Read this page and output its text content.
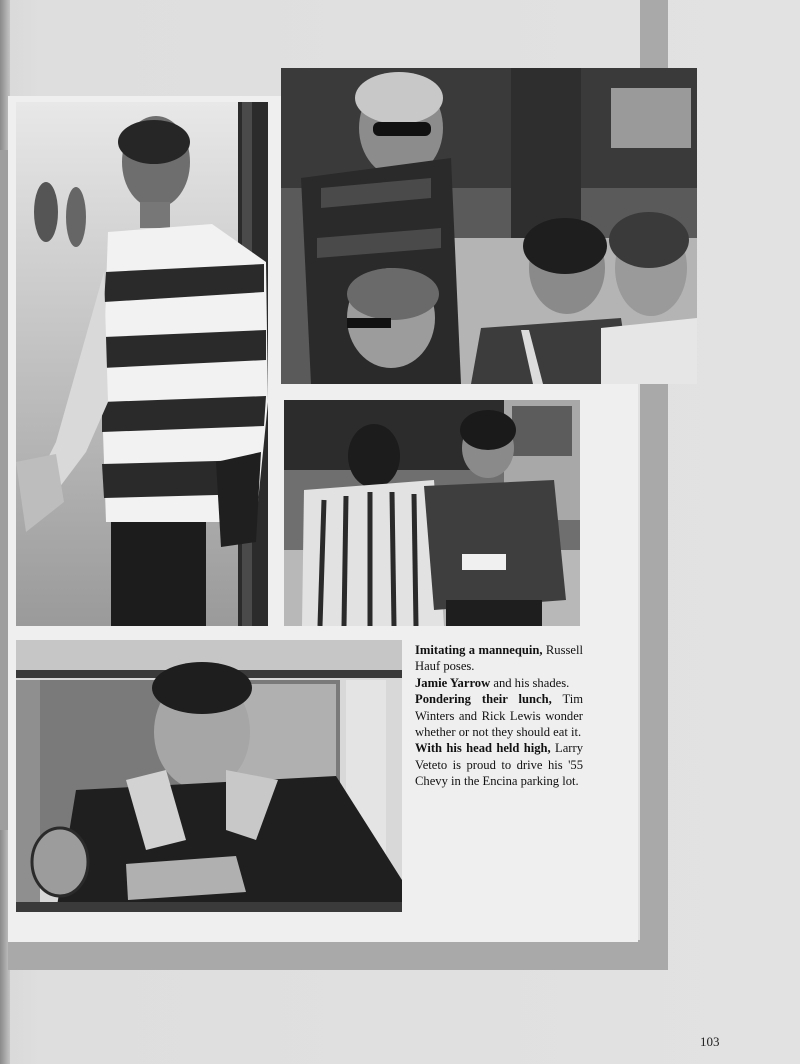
Imitating a mannequin, Russell Hauf poses.

Jamie Yarrow and his shades.

Pondering their lunch, Tim Winters and Rick Lewis wonder whether or not they should eat it.

With his head held high, Larry Veteto is proud to drive his '55 Chevy in the Encina parking lot.

103
